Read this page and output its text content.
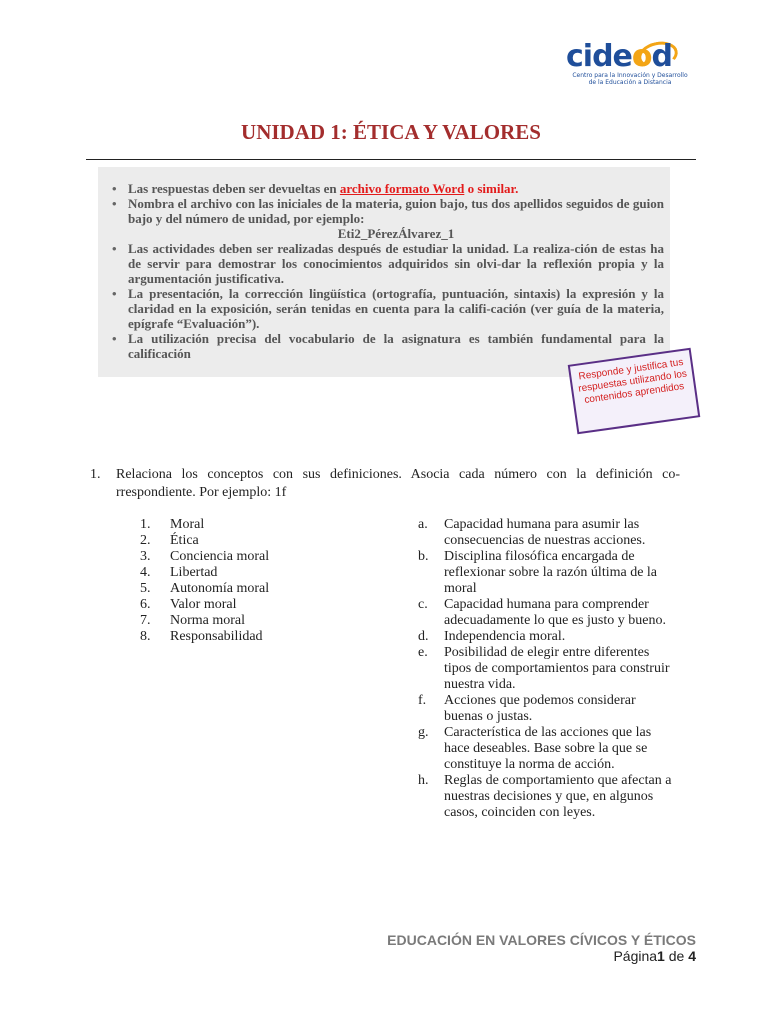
cideod
Centro para la Innovación y Desarrollo de la Educación a Distancia
UNIDAD 1: ÉTICA Y VALORES
• Las respuestas deben ser devueltas en archivo formato Word o similar.
• Nombra el archivo con las iniciales de la materia, guion bajo, tus dos apellidos seguidos de guion bajo y del número de unidad, por ejemplo:
Eti2_PérezÁlvarez_1
• Las actividades deben ser realizadas después de estudiar la unidad. La realiza-ción de estas ha de servir para demostrar los conocimientos adquiridos sin olvi-dar la reflexión propia y la argumentación justificativa.
• La presentación, la corrección lingüística (ortografía, puntuación, sintaxis) la expresión y la claridad en la exposición, serán tenidas en cuenta para la califi-cación (ver guía de la materia, epígrafe “Evaluación”).
• La utilización precisa del vocabulario de la asignatura es también fundamental para la calificación
Responde y justifica tus respuestas utilizando los contenidos aprendidos
1. Relaciona los conceptos con sus definiciones. Asocia cada número con la definición co-rrespondiente. Por ejemplo: 1f
1.	Moral
2.	Ética
3.	Conciencia moral
4.	Libertad
5.	Autonomía moral
6.	Valor moral
7.	Norma moral
8.	Responsabilidad
a.	Capacidad humana para asumir las consecuencias de nuestras acciones.
b.	Disciplina filosófica encargada de reflexionar sobre la razón última de la moral
c.	Capacidad humana para comprender adecuadamente lo que es justo y bueno.
d.	Independencia moral.
e.	Posibilidad de elegir entre diferentes tipos de comportamientos para construir nuestra vida.
f.	Acciones que podemos considerar buenas o justas.
g.	Característica de las acciones que las hace deseables. Base sobre la que se constituye la norma de acción.
h.	Reglas de comportamiento que afectan a nuestras decisiones y que, en algunos casos, coinciden con leyes.
EDUCACIÓN EN VALORES CÍVICOS Y ÉTICOS
Página1 de 4
